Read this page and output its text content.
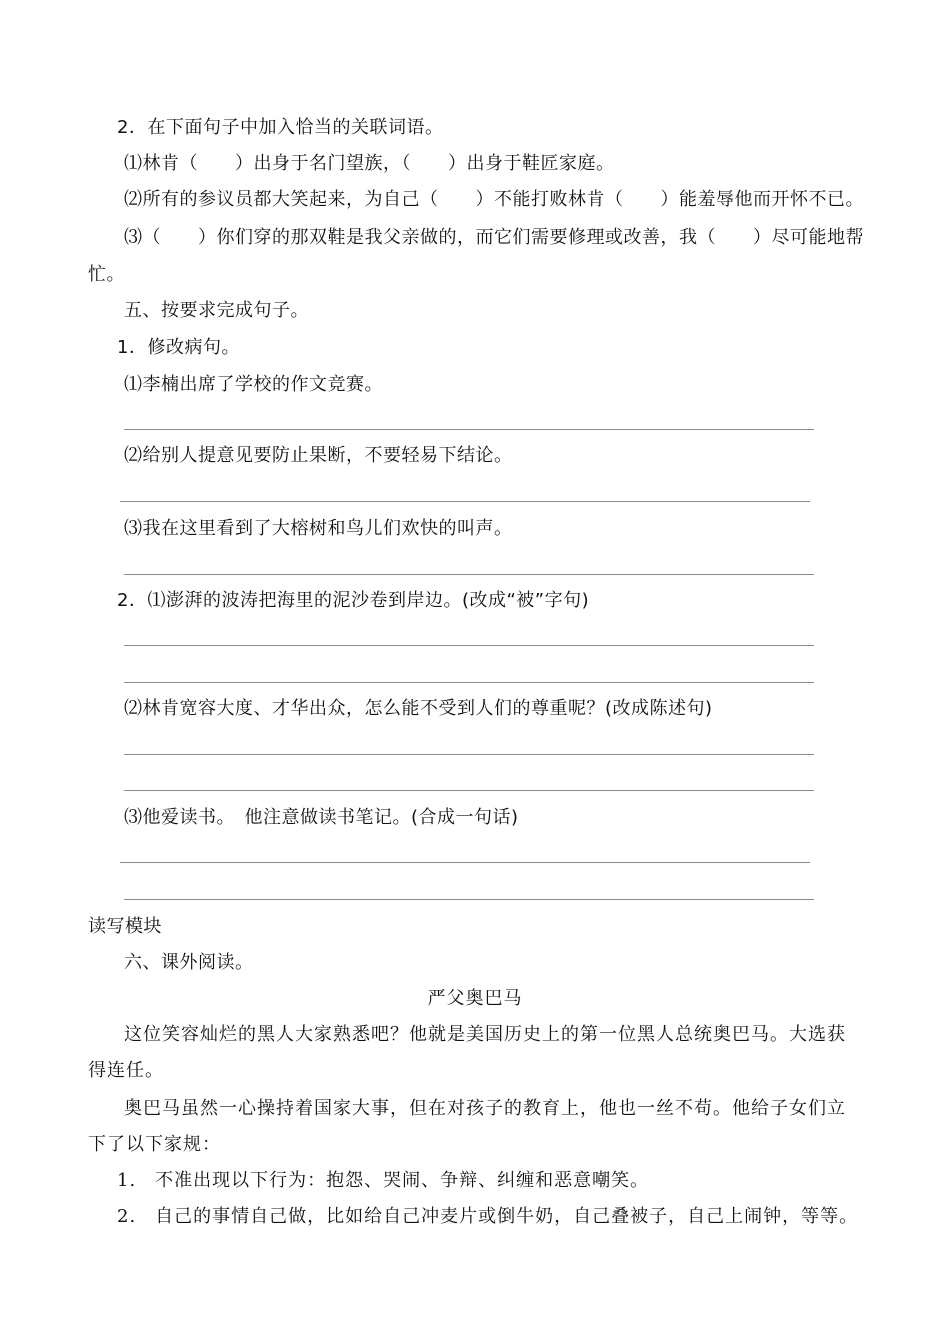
2．在下面句子中加入恰当的关联词语。
⑴林肯（　　）出身于名门望族，（　　）出身于鞋匠家庭。
⑵所有的参议员都大笑起来，为自己（　　）不能打败林肯（　　）能羞辱他而开怀不已。
⑶（　　）你们穿的那双鞋是我父亲做的，而它们需要修理或改善，我（　　）尽可能地帮
忙。
五、按要求完成句子。
1．修改病句。
⑴李楠出席了学校的作文竞赛。
⑵给别人提意见要防止果断，不要轻易下结论。
⑶我在这里看到了大榕树和鸟儿们欢快的叫声。
2．⑴澎湃的波涛把海里的泥沙卷到岸边。(改成“被”字句)
⑵林肯宽容大度、才华出众，怎么能不受到人们的尊重呢？(改成陈述句)
⑶他爱读书。　他注意做读书笔记。(合成一句话)
读写模块
六、课外阅读。
严父奥巴马
这位笑容灿烂的黑人大家熟悉吧？他就是美国历史上的第一位黑人总统奥巴马。大选获
得连任。
奥巴马虽然一心操持着国家大事，但在对孩子的教育上，他也一丝不苟。他给子女们立
下了以下家规：
1.　不准出现以下行为：抱怨、哭闹、争辩、纠缠和恶意嘲笑。
2.　自己的事情自己做，比如给自己冲麦片或倒牛奶，自己叠被子，自己上闹钟，等等。
